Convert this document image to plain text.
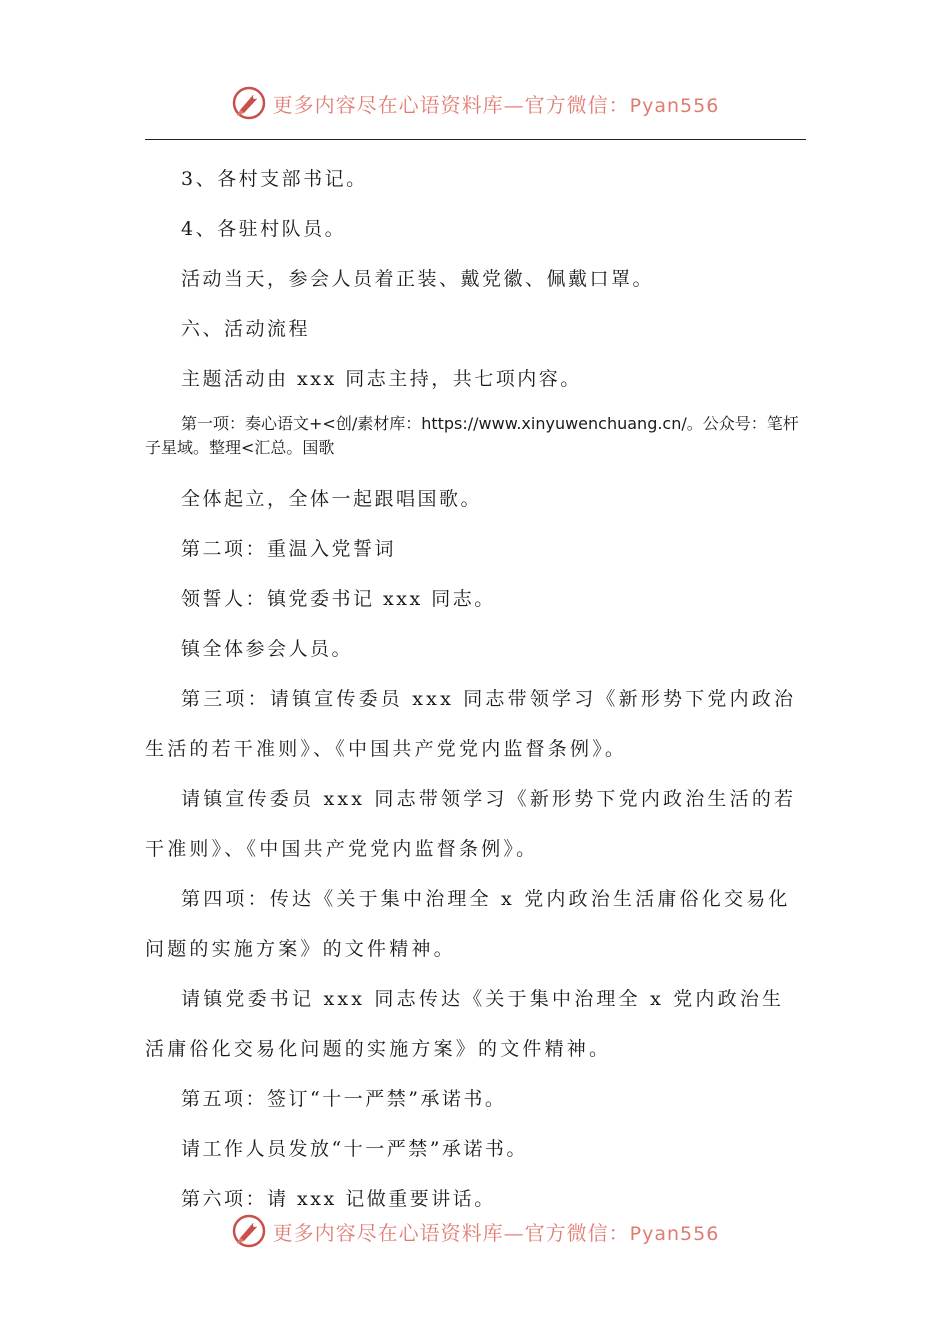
更多内容尽在心语资料库—官方微信：Pyan556

3、各村支部书记。

4、各驻村队员。

活动当天，参会人员着正装、戴党徽、佩戴口罩。

六、活动流程

主题活动由 xxx 同志主持，共七项内容。

第一项：奏心语文+<创/素材库：https://www.xinyuwenchuang.cn/。公众号：笔杆子星域。整理<汇总。国歌

全体起立，全体一起跟唱国歌。

第二项：重温入党誓词

领誓人：镇党委书记 xxx 同志。

镇全体参会人员。

第三项：请镇宣传委员 xxx 同志带领学习《新形势下党内政治生活的若干准则》、《中国共产党党内监督条例》。

请镇宣传委员 xxx 同志带领学习《新形势下党内政治生活的若干准则》、《中国共产党党内监督条例》。

第四项：传达《关于集中治理全 x 党内政治生活庸俗化交易化问题的实施方案》的文件精神。

请镇党委书记 xxx 同志传达《关于集中治理全 x 党内政治生活庸俗化交易化问题的实施方案》的文件精神。

第五项：签订“十一严禁”承诺书。

请工作人员发放“十一严禁”承诺书。

第六项：请 xxx 记做重要讲话。

更多内容尽在心语资料库—官方微信：Pyan556
